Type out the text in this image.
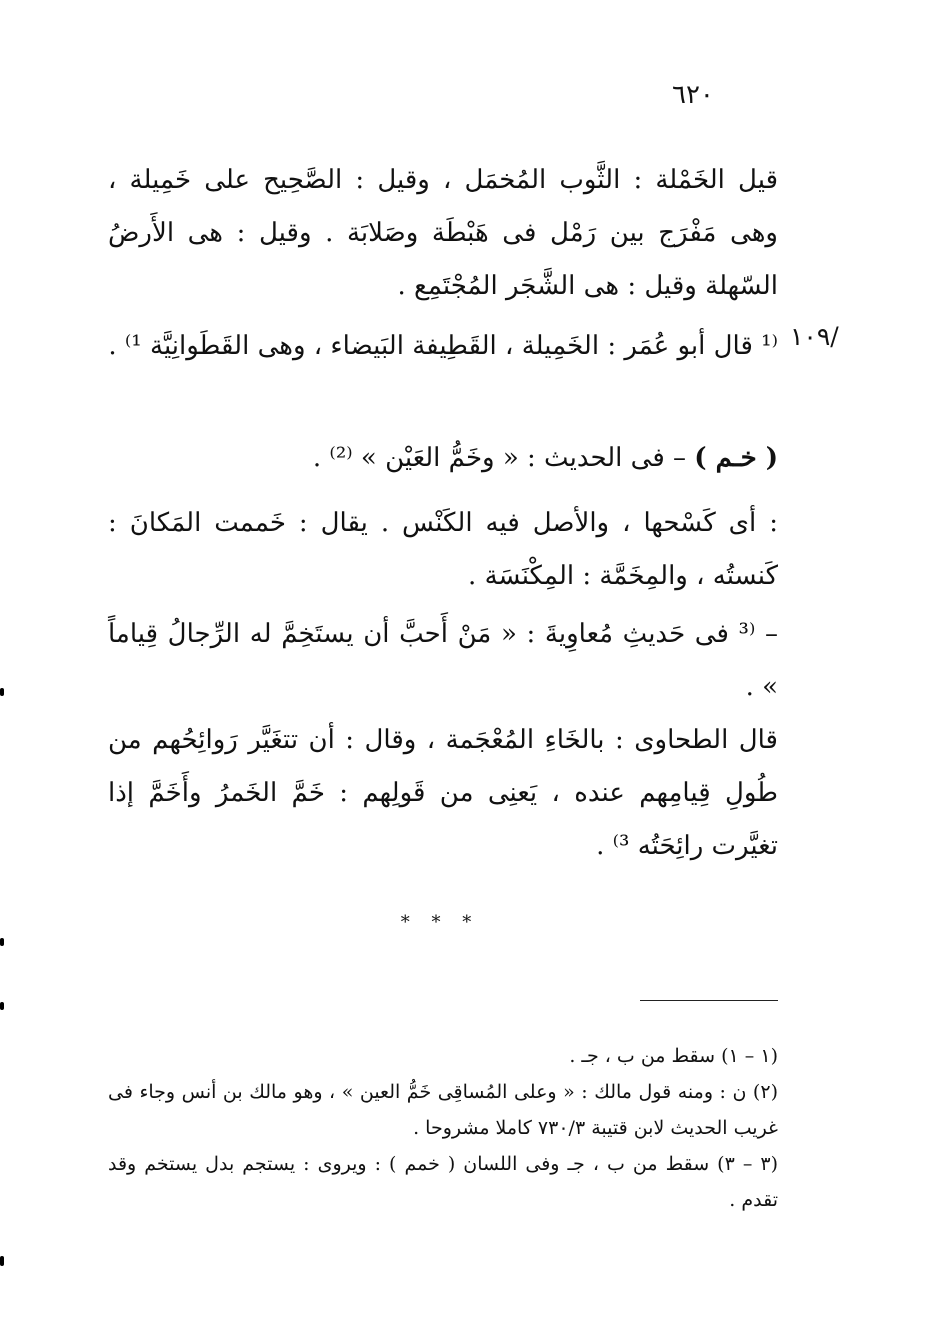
٦٢٠

قيل الخَمْلة : الثَّوب المُخمَل ، وقيل : الصَّحِيح على خَمِيلة ، وهى مَفْرَج بين رَمْل فى هَبْطَة وصَلابَة . وقيل : هى الأَرضُ السّهلة وقيل : هى الشَّجَر المُجْتَمِع .

/١٠٩

⁽¹ قال أبو عُمَر : الخَمِيلة ، القَطِيفة البَيضاء ، وهى القَطَوانِيَّة ¹⁾ .

( خـم ) – فى الحديث : « وخَمُّ العَيْن » ⁽²⁾ .

: أى كَسْحها ، والأصل فيه الكَنْس . يقال : خَممت المَكانَ : كَنستُه ، والمِخَمَّة : المِكْنَسَة .

– ⁽³ فى حَديثِ مُعاوِيةَ : « مَنْ أَحبَّ أن يستَخِمَّ له الرِّجالُ قِياماً » .

قال الطحاوى : بالخَاءِ المُعْجَمة ، وقال : أن تتغَيَّر رَوائِحُهم من طُولِ قِيامِهم عنده ، يَعنِى من قَولِهم : خَمَّ الخَمرُ وأَخَمَّ إذا تغيَّرت رائِحَتُه ³⁾ .

* * *

(١ – ١) سقط من ب ، جـ .

(٢) ن : ومنه قول مالك : « وعلى المُساقِى خَمُّ العين » ، وهو مالك بن أنس وجاء فى غريب الحديث لابن قتيبة ٧٣٠/٣ كاملا مشروحا .

(٣ – ٣) سقط من ب ، جـ وفى اللسان ( خمم ) : ويروى : يستجم بدل يستخم وقد تقدم .
